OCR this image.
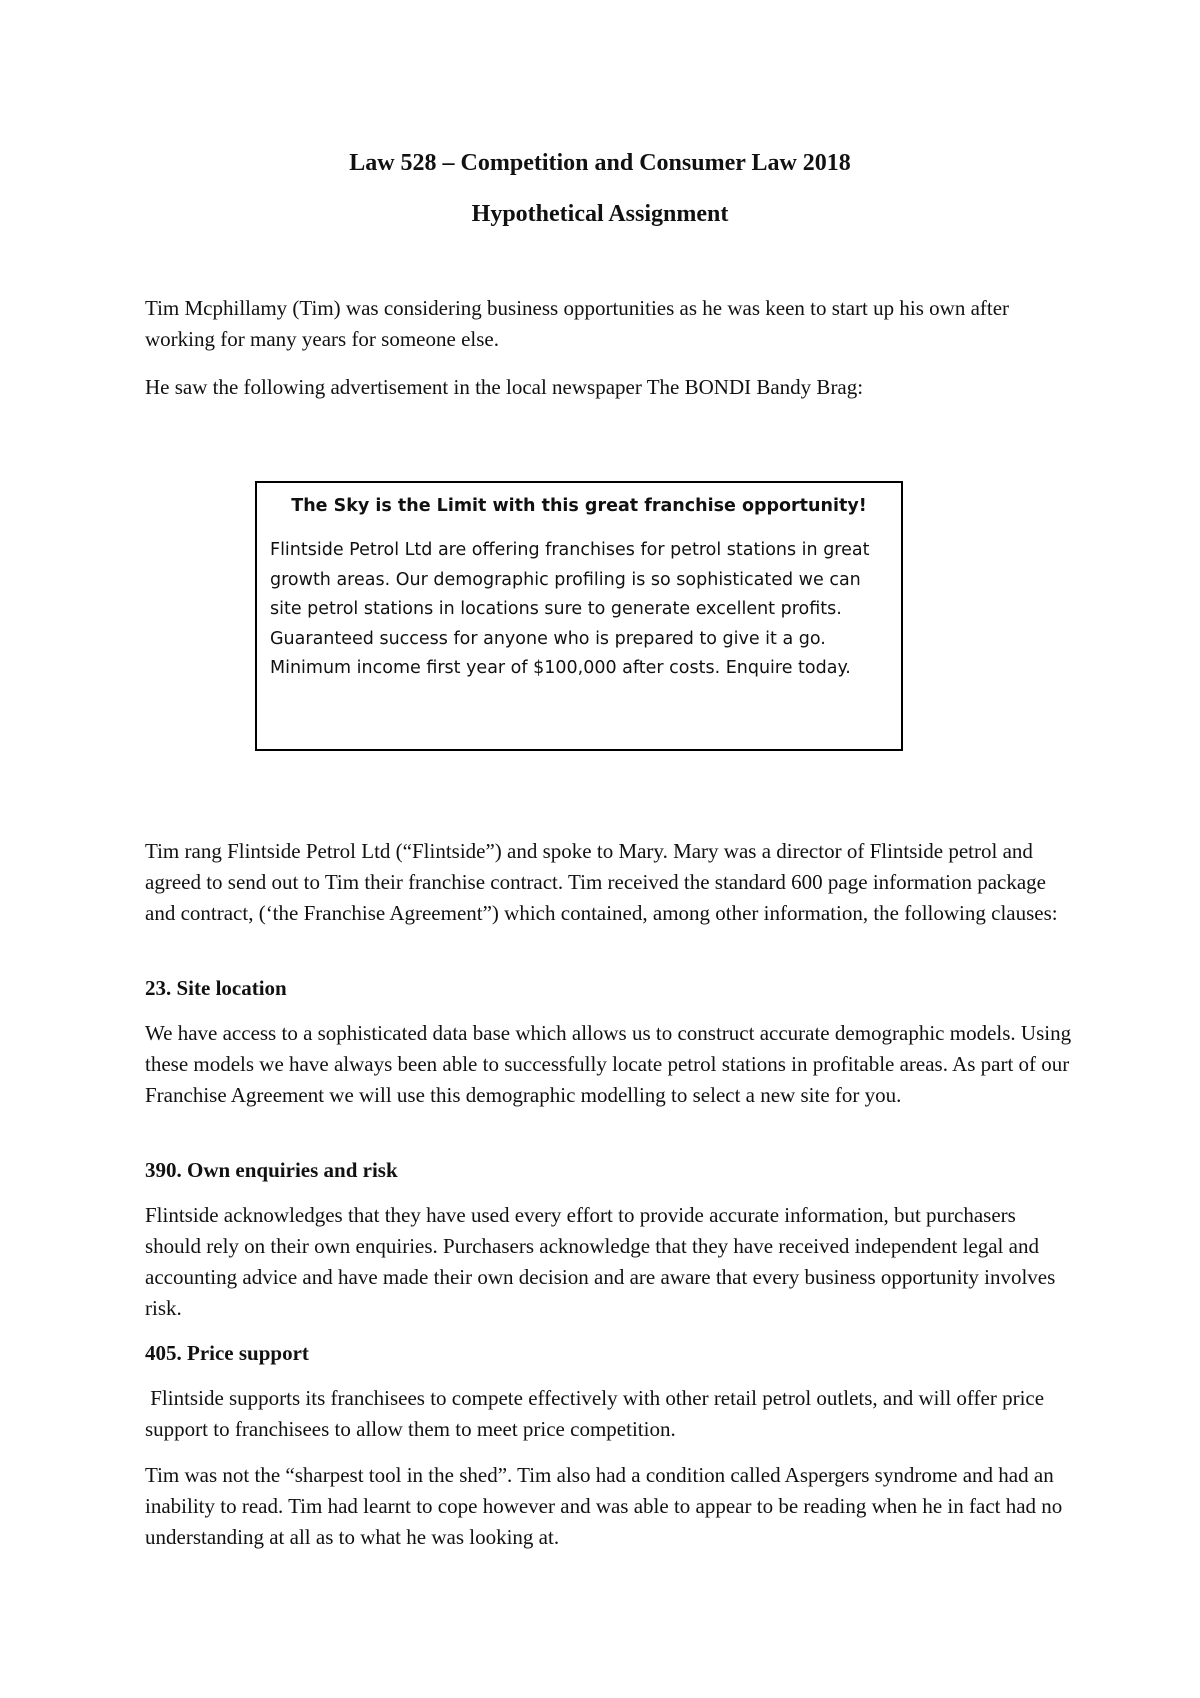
Law 528 – Competition and Consumer Law 2018
Hypothetical Assignment

Tim Mcphillamy (Tim) was considering business opportunities as he was keen to start up his own after working for many years for someone else.

He saw the following advertisement in the local newspaper The BONDI Bandy Brag:

The Sky is the Limit with this great franchise opportunity!

Flintside Petrol Ltd are offering franchises for petrol stations in great growth areas. Our demographic profiling is so sophisticated we can site petrol stations in locations sure to generate excellent profits. Guaranteed success for anyone who is prepared to give it a go. Minimum income first year of $100,000 after costs. Enquire today.

Tim rang Flintside Petrol Ltd (“Flintside”) and spoke to Mary. Mary was a director of Flintside petrol and agreed to send out to Tim their franchise contract. Tim received the standard 600 page information package and contract, (‘the Franchise Agreement”) which contained, among other information, the following clauses:

23. Site location

We have access to a sophisticated data base which allows us to construct accurate demographic models. Using these models we have always been able to successfully locate petrol stations in profitable areas. As part of our Franchise Agreement we will use this demographic modelling to select a new site for you.

390. Own enquiries and risk

Flintside acknowledges that they have used every effort to provide accurate information, but purchasers should rely on their own enquiries. Purchasers acknowledge that they have received independent legal and accounting advice and have made their own decision and are aware that every business opportunity involves risk.

405. Price support

Flintside supports its franchisees to compete effectively with other retail petrol outlets, and will offer price support to franchisees to allow them to meet price competition.

Tim was not the “sharpest tool in the shed”. Tim also had a condition called Aspergers syndrome and had an inability to read. Tim had learnt to cope however and was able to appear to be reading when he in fact had no understanding at all as to what he was looking at.
